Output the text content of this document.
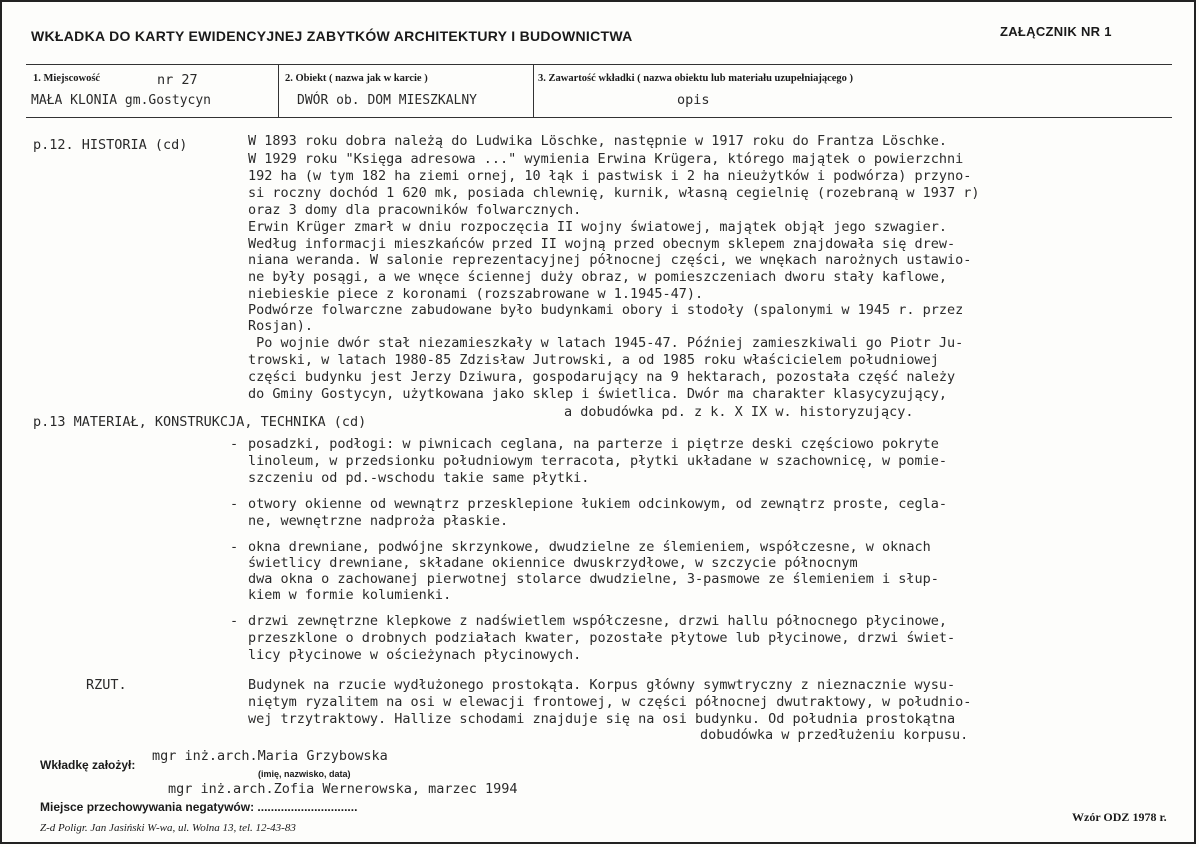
WKŁADKA DO KARTY EWIDENCYJNEJ ZABYTKÓW ARCHITEKTURY I BUDOWNICTWA	ZAŁĄCZNIK NR 1
1. Miejscowość	nr 27
MAŁA KLONIA gm.Gostycyn
2. Obiekt ( nazwa jak w karcie )
DWÓR ob. DOM MIESZKALNY
3. Zawartość wkładki ( nazwa obiektu lub materiału uzupełniającego )
opis
p.12. HISTORIA (cd)	W 1893 roku dobra należą do Ludwika Löschke, następnie w 1917 roku do Frantza Löschke.
W 1929 roku "Księga adresowa ..." wymienia Erwina Krügera, którego majątek o powierzchni
192 ha (w tym 182 ha ziemi ornej, 10 łąk i pastwisk i 2 ha nieużytków i podwórza) przyno-
si roczny dochód 1 620 mk, posiada chlewnię, kurnik, własną cegielnię (rozebraną w 1937 r)
oraz 3 domy dla pracowników folwarcznych.
Erwin Krüger zmarł w dniu rozpoczęcia II wojny światowej, majątek objął jego szwagier.
Według informacji mieszkańców przed II wojną przed obecnym sklepem znajdowała się drew-
niana weranda. W salonie reprezentacyjnej północnej części, we wnękach narożnych ustawio-
ne były posągi, a we wnęce ściennej duży obraz, w pomieszczeniach dworu stały kaflowe,
niebieskie piece z koronami (rozszabrowane w 1.1945-47).
Podwórze folwarczne zabudowane było budynkami obory i stodoły (spalonymi w 1945 r. przez
Rosjan).
Po wojnie dwór stał niezamieszkały w latach 1945-47. Później zamieszkiwali go Piotr Ju-
trowski, w latach 1980-85 Zdzisław Jutrowski, a od 1985 roku właścicielem południowej
części budynku jest Jerzy Dziwura, gospodarujący na 9 hektarach, pozostała część należy
do Gminy Gostycyn, użytkowana jako sklep i świetlica. Dwór ma charakter klasycyzujący,
p.13 MATERIAŁ, KONSTRUKCJA, TECHNIKA (cd)
a dobudówka pd. z k. X IX w. historyzujący.
- posadzki, podłogi: w piwnicach ceglana, na parterze i piętrze deski częściowo pokryte
linoleum, w przedsionku południowym terracota, płytki układane w szachownicę, w pomie-
szczeniu od pd.-wschodu takie same płytki.
- otwory okienne od wewnątrz przesklepione łukiem odcinkowym, od zewnątrz proste, cegla-
ne, wewnętrzne nadproża płaskie.
- okna drewniane, podwójne skrzynkowe, dwudzielne ze ślemieniem, współczesne, w oknach
świetlicy drewniane, składane okiennice dwuskrzydłowe, w szczycie północnym
dwa okna o zachowanej pierwotnej stolarce dwudzielne, 3-pasmowe ze ślemieniem i słup-
kiem w formie kolumienki.
- drzwi zewnętrzne klepkowe z nadświetlem współczesne, drzwi hallu północnego płycinowe,
przeszklone o drobnych podziałach kwater, pozostałe płytowe lub płycinowe, drzwi świet-
licy płycinowe w ościeżynach płycinowych.
RZUT.	Budynek na rzucie wydłużonego prostokąta. Korpus główny symwtryczny z nieznacznie wysu-
niętym ryzalitem na osi w elewacji frontowej, w części północnej dwutraktowy, w południo-
wej trzytraktowy. Hallize schodami znajduje się na osi budynku. Od południa prostokątna
dobudówka w przedłużeniu korpusu.
Wkładkę założył:
mgr inż.arch.Maria Grzybowska
(imię, nazwisko, data)
mgr inż.arch.Zofia Wernerowska, marzec 1994
Miejsce przechowywania negatywów: ..............................
Z-d Poligr. Jan Jasiński W-wa, ul. Wolna 13, tel. 12-43-83
Wzór ODZ 1978 r.
